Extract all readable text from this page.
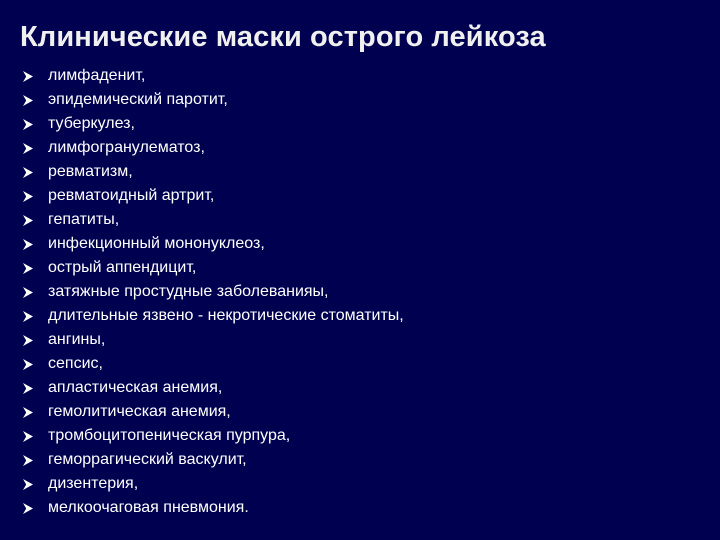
Клинические маски острого лейкоза
лимфаденит,
эпидемический паротит,
туберкулез,
лимфогранулематоз,
ревматизм,
ревматоидный артрит,
гепатиты,
инфекционный мононуклеоз,
острый аппендицит,
затяжные простудные заболеванияы,
длительные язвено - некротические стоматиты,
ангины,
сепсис,
апластическая анемия,
гемолитическая анемия,
тромбоцитопеническая пурпура,
геморрагический васкулит,
дизентерия,
мелкоочаговая пневмония.
